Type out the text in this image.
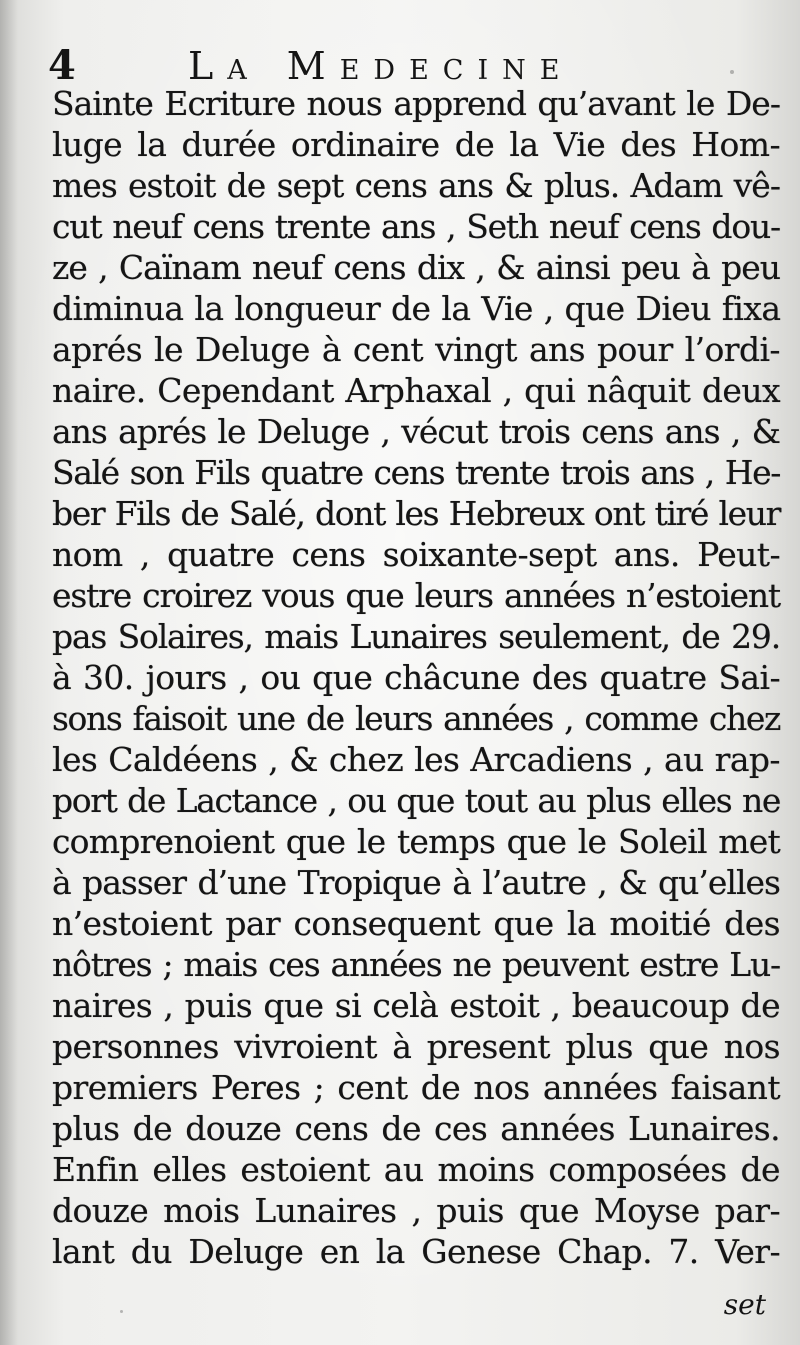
4	La Medecine
Sainte Ecriture nous apprend qu’avant le De-
luge la durée ordinaire de la Vie des Hom-
mes estoit de sept cens ans & plus. Adam vê-
cut neuf cens trente ans , Seth neuf cens dou-
ze , Caïnam neuf cens dix , & ainsi peu à peu
diminua la longueur de la Vie , que Dieu fixa
aprés le Deluge à cent vingt ans pour l’ordi-
naire. Cependant Arphaxal , qui nâquit deux
ans aprés le Deluge , vécut trois cens ans , &
Salé son Fils quatre cens trente trois ans , He-
ber Fils de Salé, dont les Hebreux ont tiré leur
nom , quatre cens soixante-sept ans. Peut-
estre croirez vous que leurs années n’estoient
pas Solaires, mais Lunaires seulement, de 29.
à 30. jours , ou que châcune des quatre Sai-
sons faisoit une de leurs années , comme chez
les Caldéens , & chez les Arcadiens , au rap-
port de Lactance , ou que tout au plus elles ne
comprenoient que le temps que le Soleil met
à passer d’une Tropique à l’autre , & qu’elles
n’estoient par consequent que la moitié des
nôtres ; mais ces années ne peuvent estre Lu-
naires , puis que si celà estoit , beaucoup de
personnes vivroient à present plus que nos
premiers Peres ; cent de nos années faisant
plus de douze cens de ces années Lunaires.
Enfin elles estoient au moins composées de
douze mois Lunaires , puis que Moyse par-
lant du Deluge en la Genese Chap. 7. Ver-
set
